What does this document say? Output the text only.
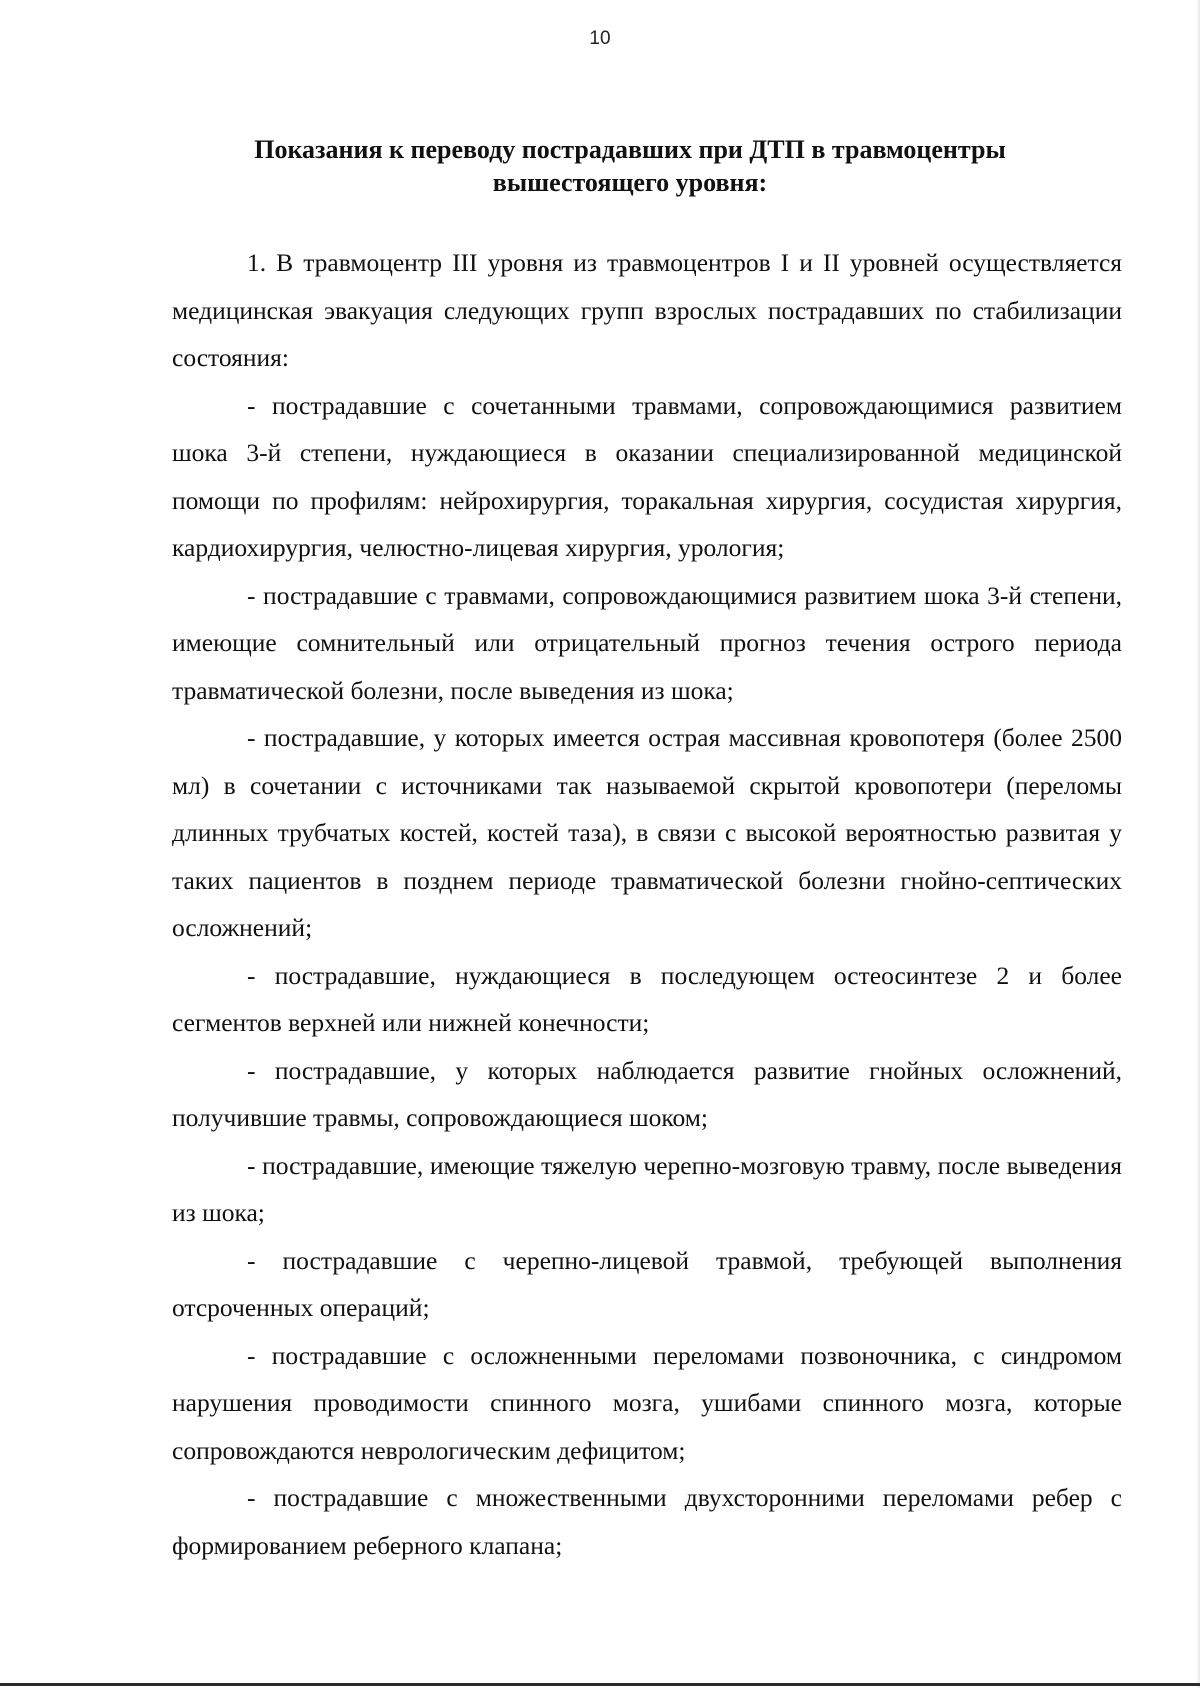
10
Показания к переводу пострадавших при ДТП в травмоцентры
вышестоящего уровня:

1. В травмоцентр III уровня из травмоцентров I и II уровней осуществляется медицинская эвакуация следующих групп взрослых пострадавших по стабилизации состояния:

- пострадавшие с сочетанными травмами, сопровождающимися развитием шока 3-й степени, нуждающиеся в оказании специализированной медицинской помощи по профилям: нейрохирургия, торакальная хирургия, сосудистая хирургия, кардиохирургия, челюстно-лицевая хирургия, урология;

- пострадавшие с травмами, сопровождающимися развитием шока 3-й степени, имеющие сомнительный или отрицательный прогноз течения острого периода травматической болезни, после выведения из шока;

- пострадавшие, у которых имеется острая массивная кровопотеря (более 2500 мл) в сочетании с источниками так называемой скрытой кровопотери (переломы длинных трубчатых костей, костей таза), в связи с высокой вероятностью развитая у таких пациентов в позднем периоде травматической болезни гнойно-септических осложнений;

- пострадавшие, нуждающиеся в последующем остеосинтезе 2 и более сегментов верхней или нижней конечности;

- пострадавшие, у которых наблюдается развитие гнойных осложнений, получившие травмы, сопровождающиеся шоком;

- пострадавшие, имеющие тяжелую черепно-мозговую травму, после выведения из шока;

- пострадавшие с черепно-лицевой травмой, требующей выполнения отсроченных операций;

- пострадавшие с осложненными переломами позвоночника, с синдромом нарушения проводимости спинного мозга, ушибами спинного мозга, которые сопровождаются неврологическим дефицитом;

- пострадавшие с множественными двухсторонними переломами ребер с формированием реберного клапана;
